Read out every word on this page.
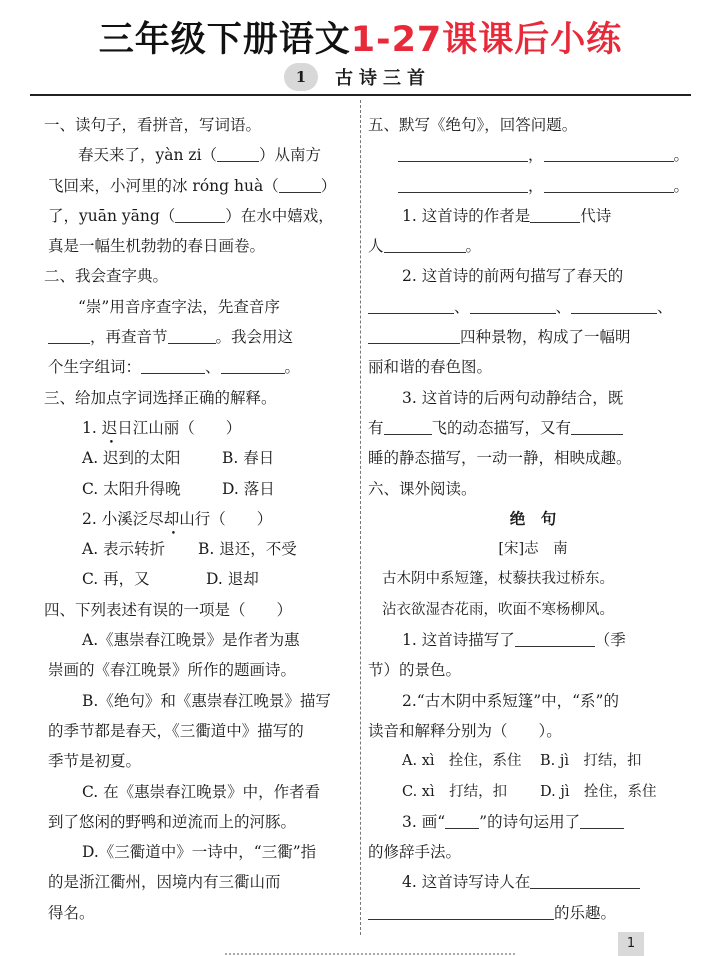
三年级下册语文1-27课课后小练
1	古诗三首
一、读句子，看拼音，写词语。
春天来了，yàn zi（	）从南方
飞回来，小河里的冰 róng huà（	）
了，yuān yāng（	）在水中嬉戏，
真是一幅生机勃勃的春日画卷。
二、我会查字典。
“崇”用音序查字法，先查音序
，再查音节	。我会用这
个生字组词：	、	。
三、给加点字词选择正确的解释。
1. 迟日江山丽（　　）
A. 迟到的太阳	B. 春日
C. 太阳升得晚	D. 落日
2. 小溪泛尽却山行（　　）
A. 表示转折 B. 退还，不受
C. 再，又	D. 退却
四、下列表述有误的一项是（　　）
A.《惠崇春江晚景》是作者为惠
崇画的《春江晚景》所作的题画诗。
B.《绝句》和《惠崇春江晚景》描写
的季节都是春天，《三衢道中》描写的
季节是初夏。
C. 在《惠崇春江晚景》中，作者看
到了悠闲的野鸭和逆流而上的河豚。
D.《三衢道中》一诗中，“三衢”指
的是浙江衢州，因境内有三衢山而
得名。
五、默写《绝句》，回答问题。
，	。
，	。
1. 这首诗的作者是	代诗
人	。
2. 这首诗的前两句描写了春天的
、	、	、
四种景物，构成了一幅明
丽和谐的春色图。
3. 这首诗的后两句动静结合，既
有	飞的动态描写，又有
睡的静态描写，一动一静，相映成趣。
六、课外阅读。
绝　句
[宋]志　南
古木阴中系短篷，杖藜扶我过桥东。
沾衣欲湿杏花雨，吹面不寒杨柳风。
1. 这首诗描写了	（季
节）的景色。
2.“古木阴中系短篷”中，“系”的
读音和解释分别为（　　）。
A. xì　拴住，系住 B. jì　打结，扣
C. xì　打结，扣 D. jì　拴住，系住
3. 画“ ”的诗句运用了
的修辞手法。
4. 这首诗写诗人在
的乐趣。
1
